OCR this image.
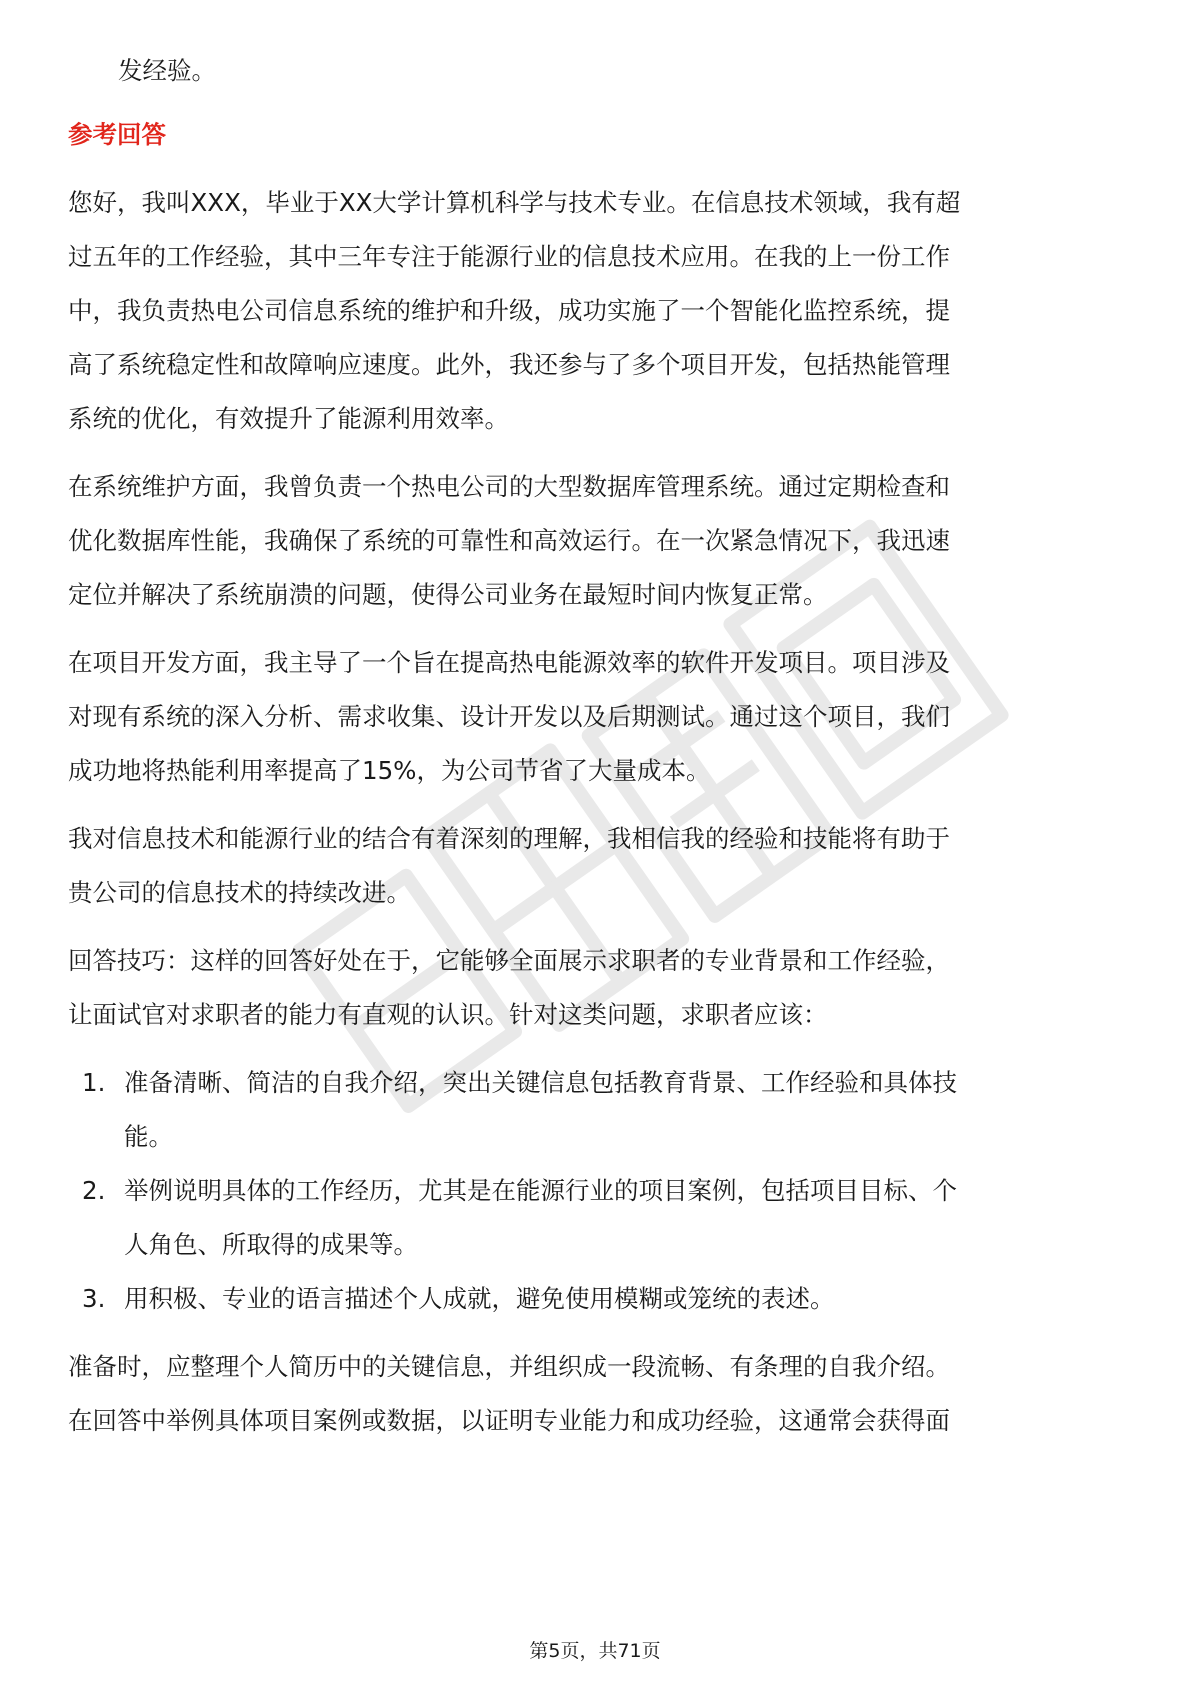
发经验。
参考回答
您好，我叫XXX，毕业于XX大学计算机科学与技术专业。在信息技术领域，我有超
过五年的工作经验，其中三年专注于能源行业的信息技术应用。在我的上一份工作
中，我负责热电公司信息系统的维护和升级，成功实施了一个智能化监控系统，提
高了系统稳定性和故障响应速度。此外，我还参与了多个项目开发，包括热能管理
系统的优化，有效提升了能源利用效率。
在系统维护方面，我曾负责一个热电公司的大型数据库管理系统。通过定期检查和
优化数据库性能，我确保了系统的可靠性和高效运行。在一次紧急情况下，我迅速
定位并解决了系统崩溃的问题，使得公司业务在最短时间内恢复正常。
在项目开发方面，我主导了一个旨在提高热电能源效率的软件开发项目。项目涉及
对现有系统的深入分析、需求收集、设计开发以及后期测试。通过这个项目，我们
成功地将热能利用率提高了15%，为公司节省了大量成本。
我对信息技术和能源行业的结合有着深刻的理解，我相信我的经验和技能将有助于
贵公司的信息技术的持续改进。
回答技巧：这样的回答好处在于，它能够全面展示求职者的专业背景和工作经验，
让面试官对求职者的能力有直观的认识。针对这类问题，求职者应该：
1. 准备清晰、简洁的自我介绍，突出关键信息包括教育背景、工作经验和具体技
能。
2. 举例说明具体的工作经历，尤其是在能源行业的项目案例，包括项目目标、个
人角色、所取得的成果等。
3. 用积极、专业的语言描述个人成就，避免使用模糊或笼统的表述。
准备时，应整理个人简历中的关键信息，并组织成一段流畅、有条理的自我介绍。
在回答中举例具体项目案例或数据，以证明专业能力和成功经验，这通常会获得面
第5页，共71页
